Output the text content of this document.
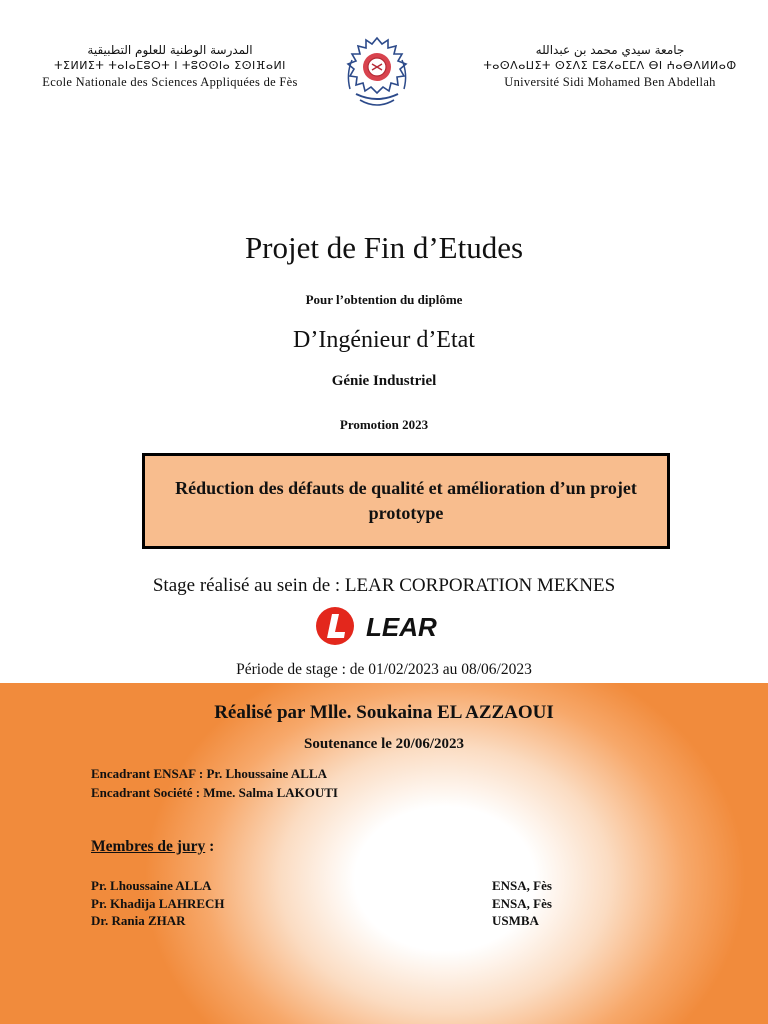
المدرسة الوطنية للعلوم التطبيقية
ⵜⵉⵍⵍⵉⵜ ⵜⴰⵏⴰⵎⵓⵔⵜ ⵏ ⵜⵓⵙⵙⵏⴰ ⵉⵙⵏⴼⴰⵍⵏ
Ecole Nationale des Sciences Appliquées de Fès
جامعة سيدي محمد بن عبدالله
ⵜⴰⵙⴷⴰⵡⵉⵜ ⵙⵉⴷⵉ ⵎⵓⵃⴰⵎⵎⴷ ⴱⵏ ⵄⴰⴱⴷⵍⵍⴰⵀ
Université Sidi Mohamed Ben Abdellah
Projet de Fin d’Etudes
Pour l’obtention du diplôme
D’Ingénieur d’Etat
Génie Industriel
Promotion 2023
Réduction des défauts de qualité et amélioration d’un projet prototype
Stage réalisé au sein de : LEAR CORPORATION MEKNES
LEAR
Période de stage : de 01/02/2023 au 08/06/2023
Réalisé par Mlle. Soukaina EL AZZAOUI
Soutenance le 20/06/2023
Encadrant ENSAF : Pr. Lhoussaine ALLA
Encadrant Société : Mme. Salma LAKOUTI
Membres de jury :
Pr. Lhoussaine ALLA	ENSA, Fès
Pr. Khadija LAHRECH	ENSA, Fès
Dr. Rania ZHAR	USMBA
